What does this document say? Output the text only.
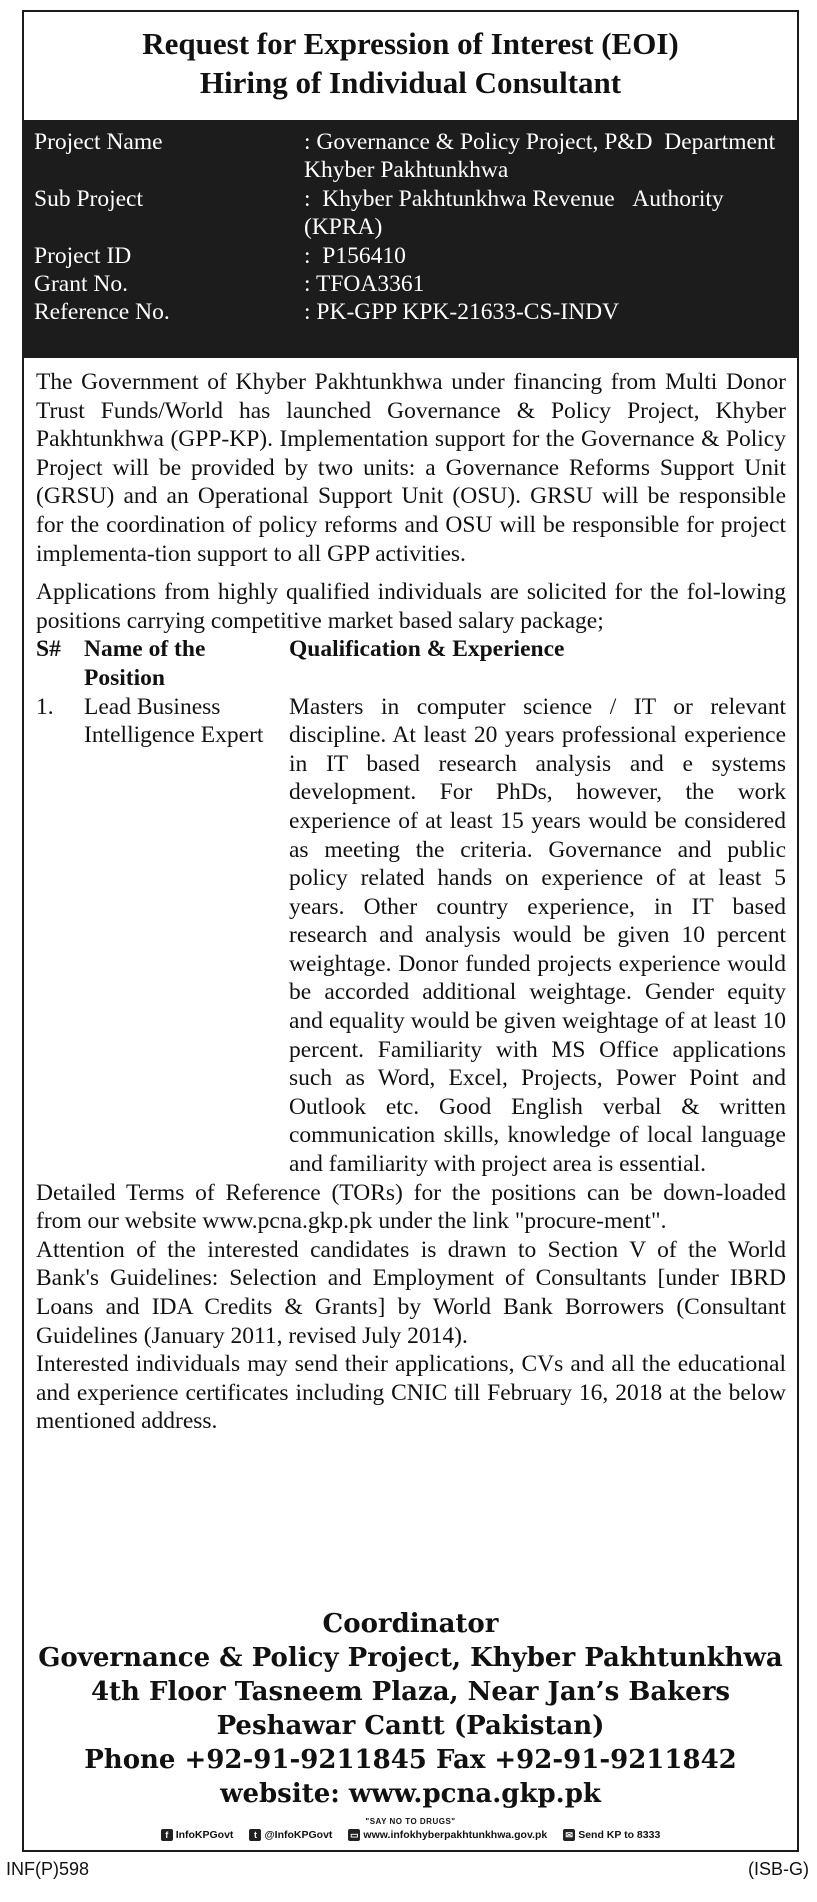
Request for Expression of Interest (EOI)
Hiring of Individual Consultant
Project Name	: Governance & Policy Project, P&D  Department Khyber Pakhtunkhwa
Sub Project	:  Khyber Pakhtunkhwa Revenue   Authority (KPRA)
Project ID	:  P156410
Grant No.	: TFOA3361
Reference No.	: PK-GPP KPK-21633-CS-INDV

The Government of Khyber Pakhtunkhwa under financing from Multi Donor Trust Funds/World has launched Governance & Policy Project, Khyber Pakhtunkhwa (GPP-KP). Implementation support for the Governance & Policy Project will be provided by two units: a Governance Reforms Support Unit (GRSU) and an Operational Support Unit (OSU). GRSU will be responsible for the coordination of policy reforms and OSU will be responsible for project implementa-tion support to all GPP activities.

Applications from highly qualified individuals are solicited for the fol-lowing positions carrying competitive market based salary package;

S#	Name of the Position	Qualification & Experience
1.	Lead Business Intelligence Expert	Masters in computer science / IT or relevant discipline. At least 20 years professional experience in IT based research analysis and e systems development. For PhDs, however, the work experience of at least 15 years would be considered as meeting the criteria. Governance and public policy related hands on experience of at least 5 years. Other country experience, in IT based research and analysis would be given 10 percent weightage. Donor funded projects experience would be accorded additional weightage. Gender equity and equality would be given weightage of at least 10 percent. Familiarity with MS Office applications such as Word, Excel, Projects, Power Point and Outlook etc. Good English verbal & written communication skills, knowledge of local language and familiarity with project area is essential.

Detailed Terms of Reference (TORs) for the positions can be down-loaded from our website www.pcna.gkp.pk under the link "procure-ment".

Attention of the interested candidates is drawn to Section V of the World Bank's Guidelines: Selection and Employment of Consultants [under IBRD Loans and IDA Credits & Grants] by World Bank Borrowers (Consultant Guidelines (January 2011, revised July 2014).

Interested individuals may send their applications, CVs and all the educational and experience certificates including CNIC till February 16, 2018 at the below mentioned address.

Coordinator
Governance & Policy Project, Khyber Pakhtunkhwa
4th Floor Tasneem Plaza, Near Jan’s Bakers
Peshawar Cantt (Pakistan)
Phone +92-91-9211845 Fax +92-91-9211842
website: www.pcna.gkp.pk
"SAY NO TO DRUGS"
f InfoKPGovt	t @InfoKPGovt ▭ www.infokhyberpakhtunkhwa.gov.pk ✉ Send KP to 8333
INF(P)598	(ISB-G)
